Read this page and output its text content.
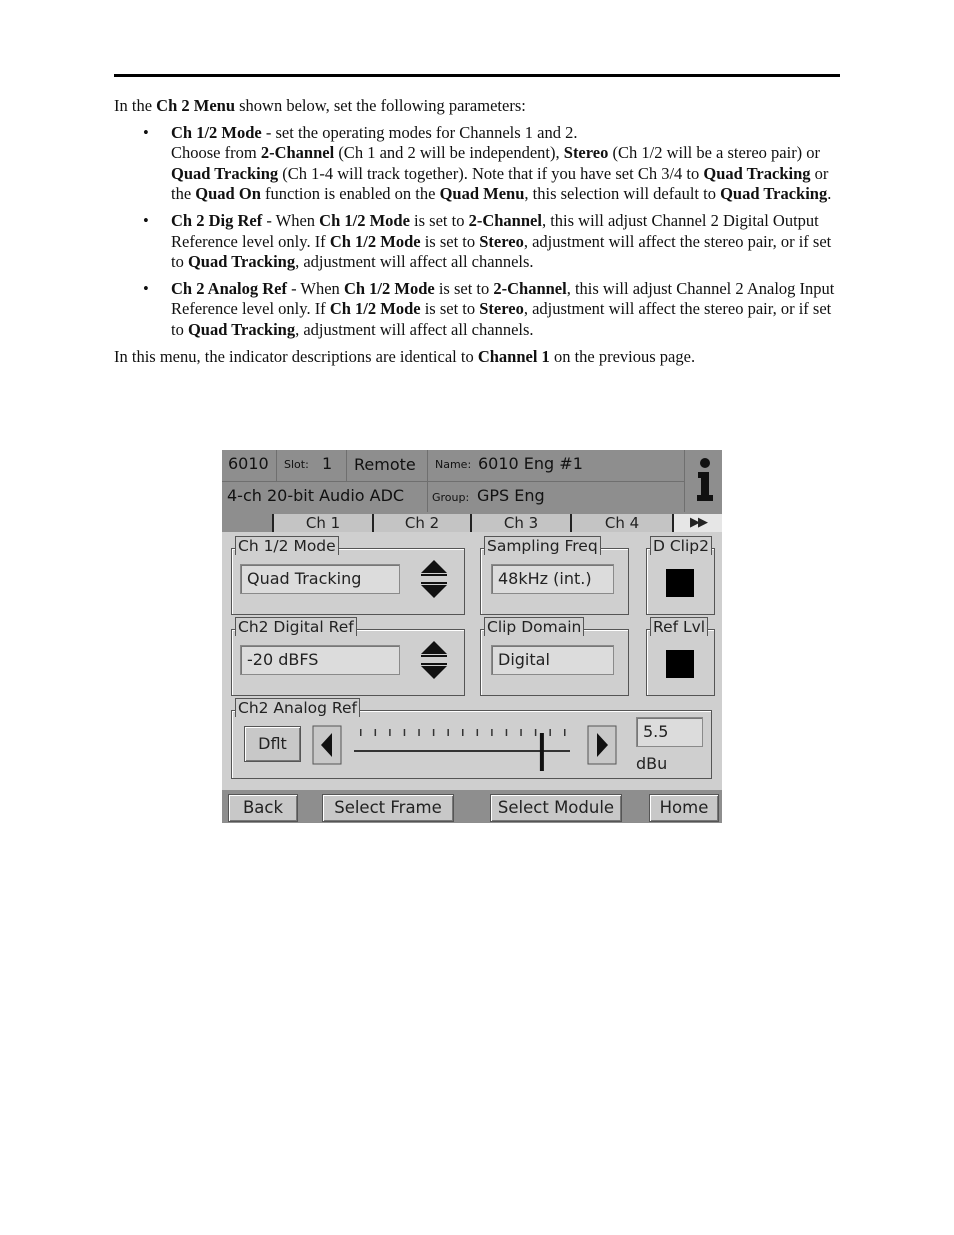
In the Ch 2 Menu shown below, set the following parameters:

• Ch 1/2 Mode - set the operating modes for Channels 1 and 2.
Choose from 2-Channel (Ch 1 and 2 will be independent), Stereo (Ch 1/2 will be a stereo pair) or Quad Tracking (Ch 1-4 will track together). Note that if you have set Ch 3/4 to Quad Tracking or the Quad On function is enabled on the Quad Menu, this selection will default to Quad Tracking.
• Ch 2 Dig Ref - When Ch 1/2 Mode is set to 2-Channel, this will adjust Channel 2 Digital Output Reference level only. If Ch 1/2 Mode is set to Stereo, adjustment will affect the stereo pair, or if set to Quad Tracking, adjustment will affect all channels.
• Ch 2 Analog Ref - When Ch 1/2 Mode is set to 2-Channel, this will adjust Channel 2 Analog Input Reference level only. If Ch 1/2 Mode is set to Stereo, adjustment will affect the stereo pair, or if set to Quad Tracking, adjustment will affect all channels.

In this menu, the indicator descriptions are identical to Channel 1 on the previous page.

6010 Slot: 1 Remote Name: 6010 Eng #1
4-ch 20-bit Audio ADC	Group: GPS Eng
Ch 1	Ch 2	Ch 3	Ch 4	▶▶
Ch 1/2 Mode
Quad Tracking
Sampling Freq
48kHz (int.)
D Clip2
Ch2 Digital Ref
-20 dBFS
Clip Domain
Digital
Ref Lvl
Ch2 Analog Ref
Dflt
5.5
dBu
Back	Select Frame	Select Module	Home
